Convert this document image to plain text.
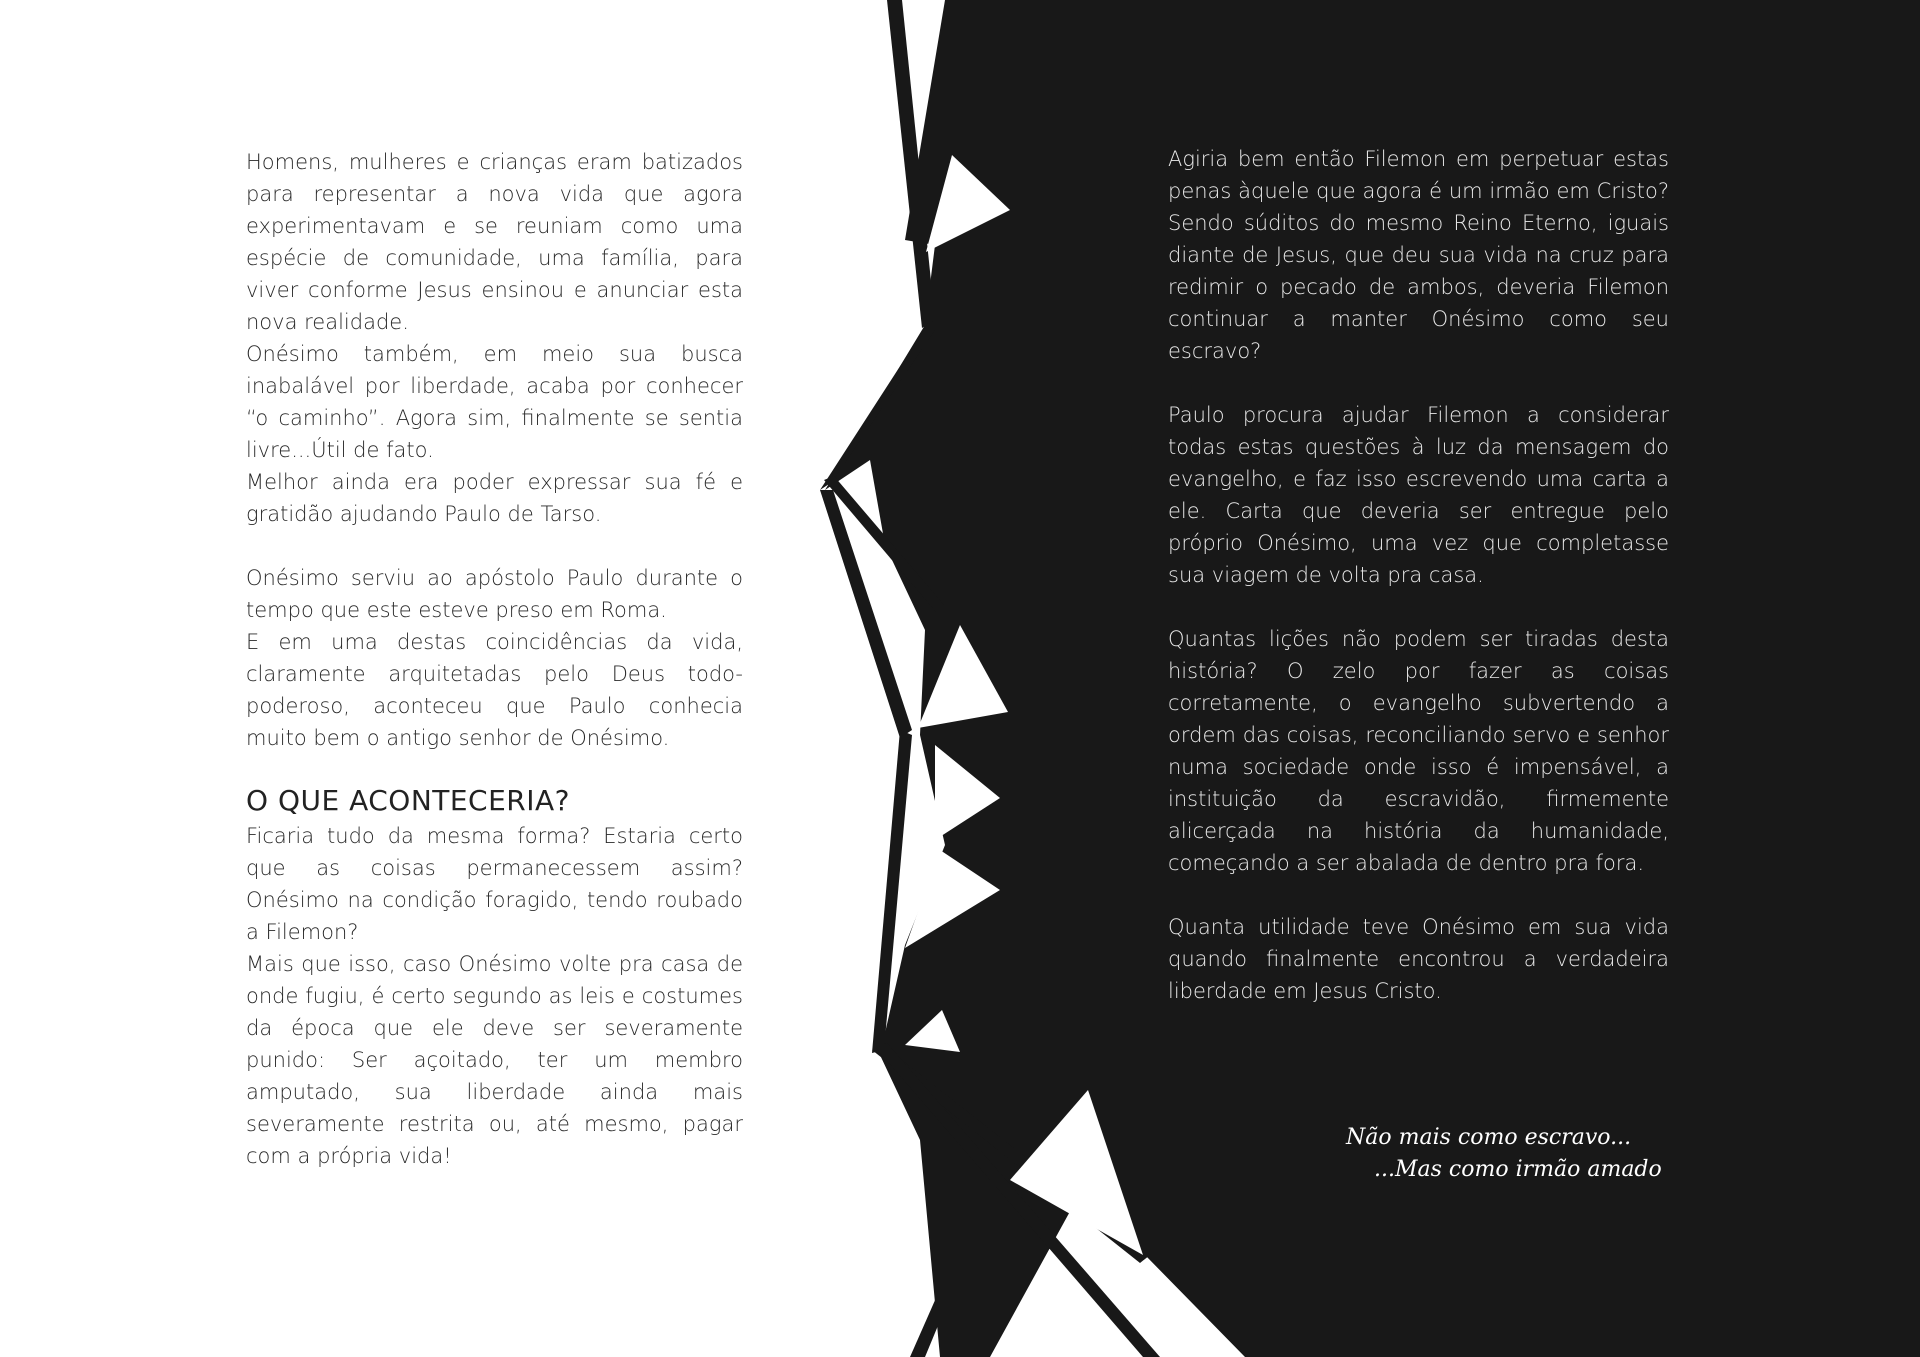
Homens, mulheres e crianças eram batizados para representar a nova vida que agora experimentavam e se reuniam como uma espécie de comunidade, uma família, para viver conforme Jesus ensinou e anunciar esta nova realidade.

Onésimo também, em meio sua busca inabalável por liberdade, acaba por conhecer “o caminho”. Agora sim, finalmente se sentia livre...Útil de fato.

Melhor ainda era poder expressar sua fé e gratidão ajudando Paulo de Tarso.

Onésimo serviu ao apóstolo Paulo durante o tempo que este esteve preso em Roma.

E em uma destas coincidências da vida, claramente arquitetadas pelo Deus todo-poderoso, aconteceu que Paulo conhecia muito bem o antigo senhor de Onésimo.

O QUE ACONTECERIA?

Ficaria tudo da mesma forma? Estaria certo que as coisas permanecessem assim? Onésimo na condição foragido, tendo roubado a Filemon?

Mais que isso, caso Onésimo volte pra casa de onde fugiu, é certo segundo as leis e costumes da época que ele deve ser severamente punido: Ser açoitado, ter um membro amputado, sua liberdade ainda mais severamente restrita ou, até mesmo, pagar com a própria vida!

Agiria bem então Filemon em perpetuar estas penas àquele que agora é um irmão em Cristo? Sendo súditos do mesmo Reino Eterno, iguais diante de Jesus, que deu sua vida na cruz para redimir o pecado de ambos, deveria Filemon continuar a manter Onésimo como seu escravo?

Paulo procura ajudar Filemon a considerar todas estas questões à luz da mensagem do evangelho, e faz isso escrevendo uma carta a ele. Carta que deveria ser entregue pelo próprio Onésimo, uma vez que completasse sua viagem de volta pra casa.

Quantas lições não podem ser tiradas desta história? O zelo por fazer as coisas corretamente, o evangelho subvertendo a ordem das coisas, reconciliando servo e senhor numa sociedade onde isso é impensável, a instituição da escravidão, firmemente alicerçada na história da humanidade, começando a ser abalada de dentro pra fora.

Quanta utilidade teve Onésimo em sua vida quando finalmente encontrou a verdadeira liberdade em Jesus Cristo.

Não mais como escravo...
...Mas como irmão amado
